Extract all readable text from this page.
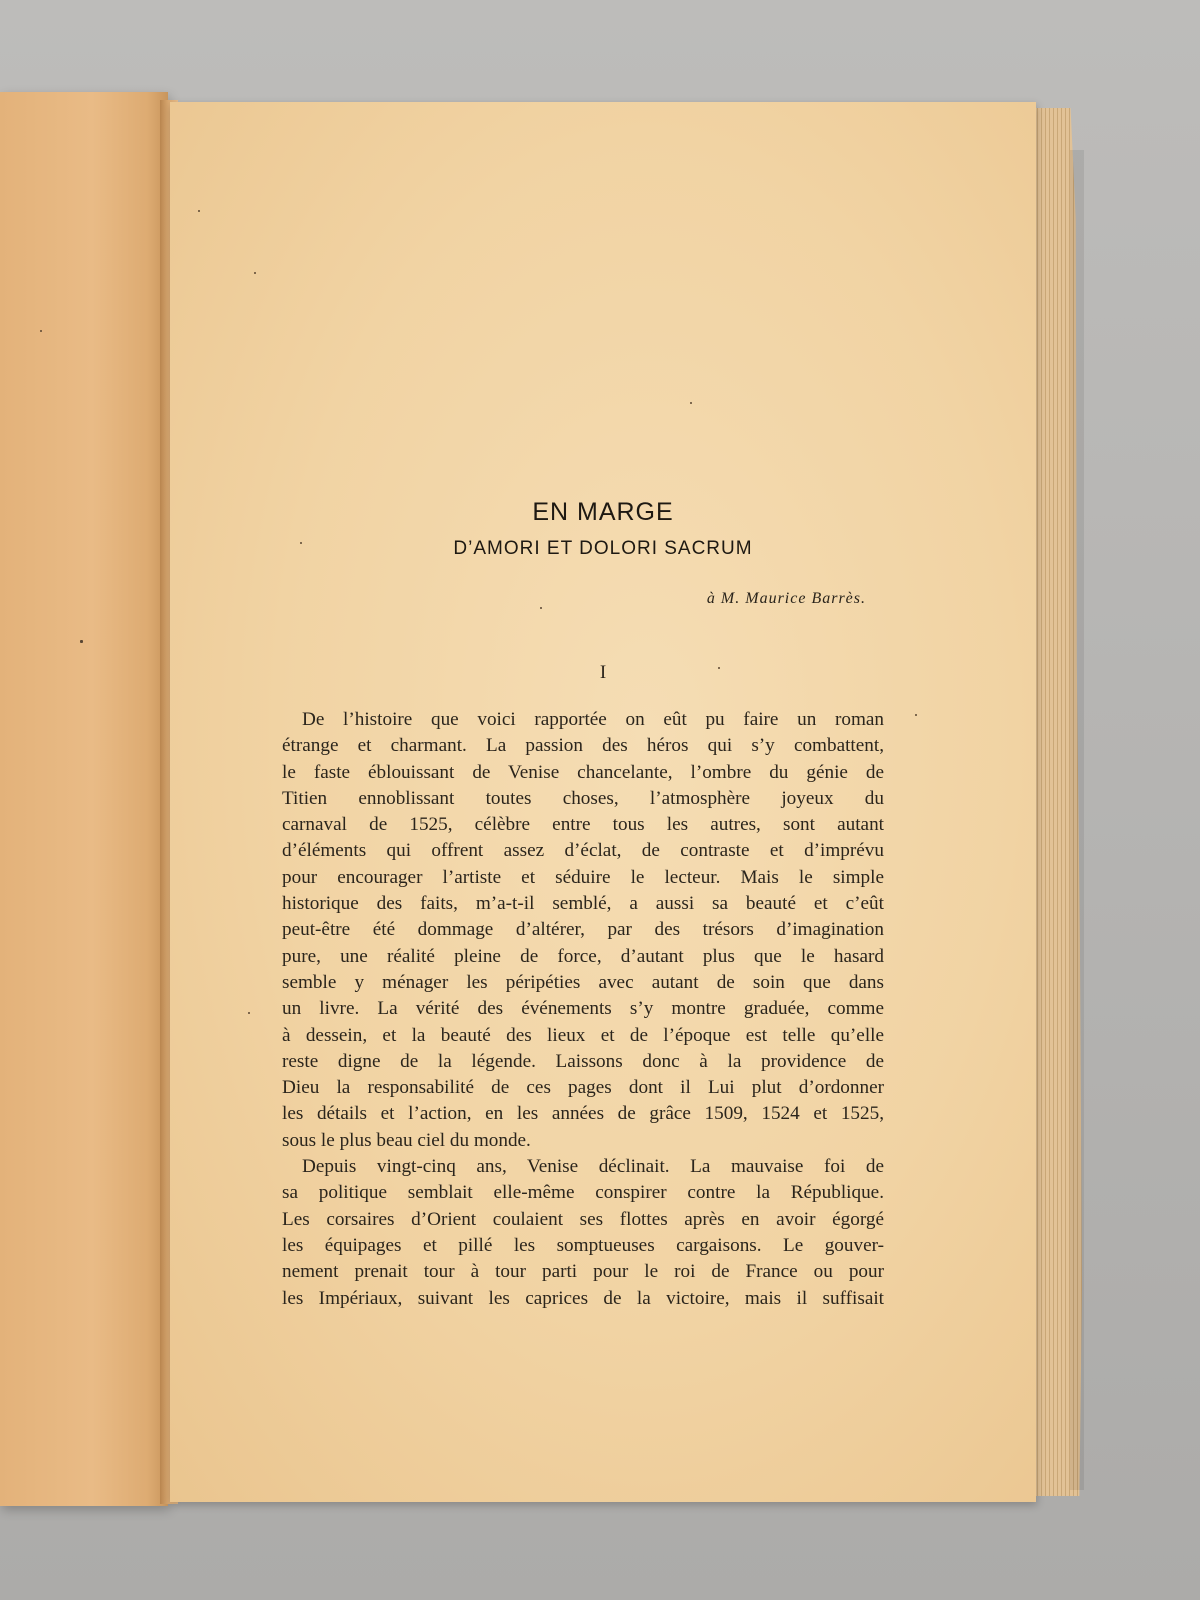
EN MARGE
D’AMORI ET DOLORI SACRUM
à M. Maurice Barrès.
I
De l’histoire que voici rapportée on eût pu faire un roman
étrange et charmant. La passion des héros qui s’y combattent,
le faste éblouissant de Venise chancelante, l’ombre du génie de
Titien ennoblissant toutes choses, l’atmosphère joyeux du
carnaval de 1525, célèbre entre tous les autres, sont autant
d’éléments qui offrent assez d’éclat, de contraste et d’imprévu
pour encourager l’artiste et séduire le lecteur. Mais le simple
historique des faits, m’a-t-il semblé, a aussi sa beauté et c’eût
peut-être été dommage d’altérer, par des trésors d’imagination
pure, une réalité pleine de force, d’autant plus que le hasard
semble y ménager les péripéties avec autant de soin que dans
un livre. La vérité des événements s’y montre graduée, comme
à dessein, et la beauté des lieux et de l’époque est telle qu’elle
reste digne de la légende. Laissons donc à la providence de
Dieu la responsabilité de ces pages dont il Lui plut d’ordonner
les détails et l’action, en les années de grâce 1509, 1524 et 1525,
sous le plus beau ciel du monde.
Depuis vingt-cinq ans, Venise déclinait. La mauvaise foi de
sa politique semblait elle-même conspirer contre la République.
Les corsaires d’Orient coulaient ses flottes après en avoir égorgé
les équipages et pillé les somptueuses cargaisons. Le gouver-
nement prenait tour à tour parti pour le roi de France ou pour
les Impériaux, suivant les caprices de la victoire, mais il suffisait
